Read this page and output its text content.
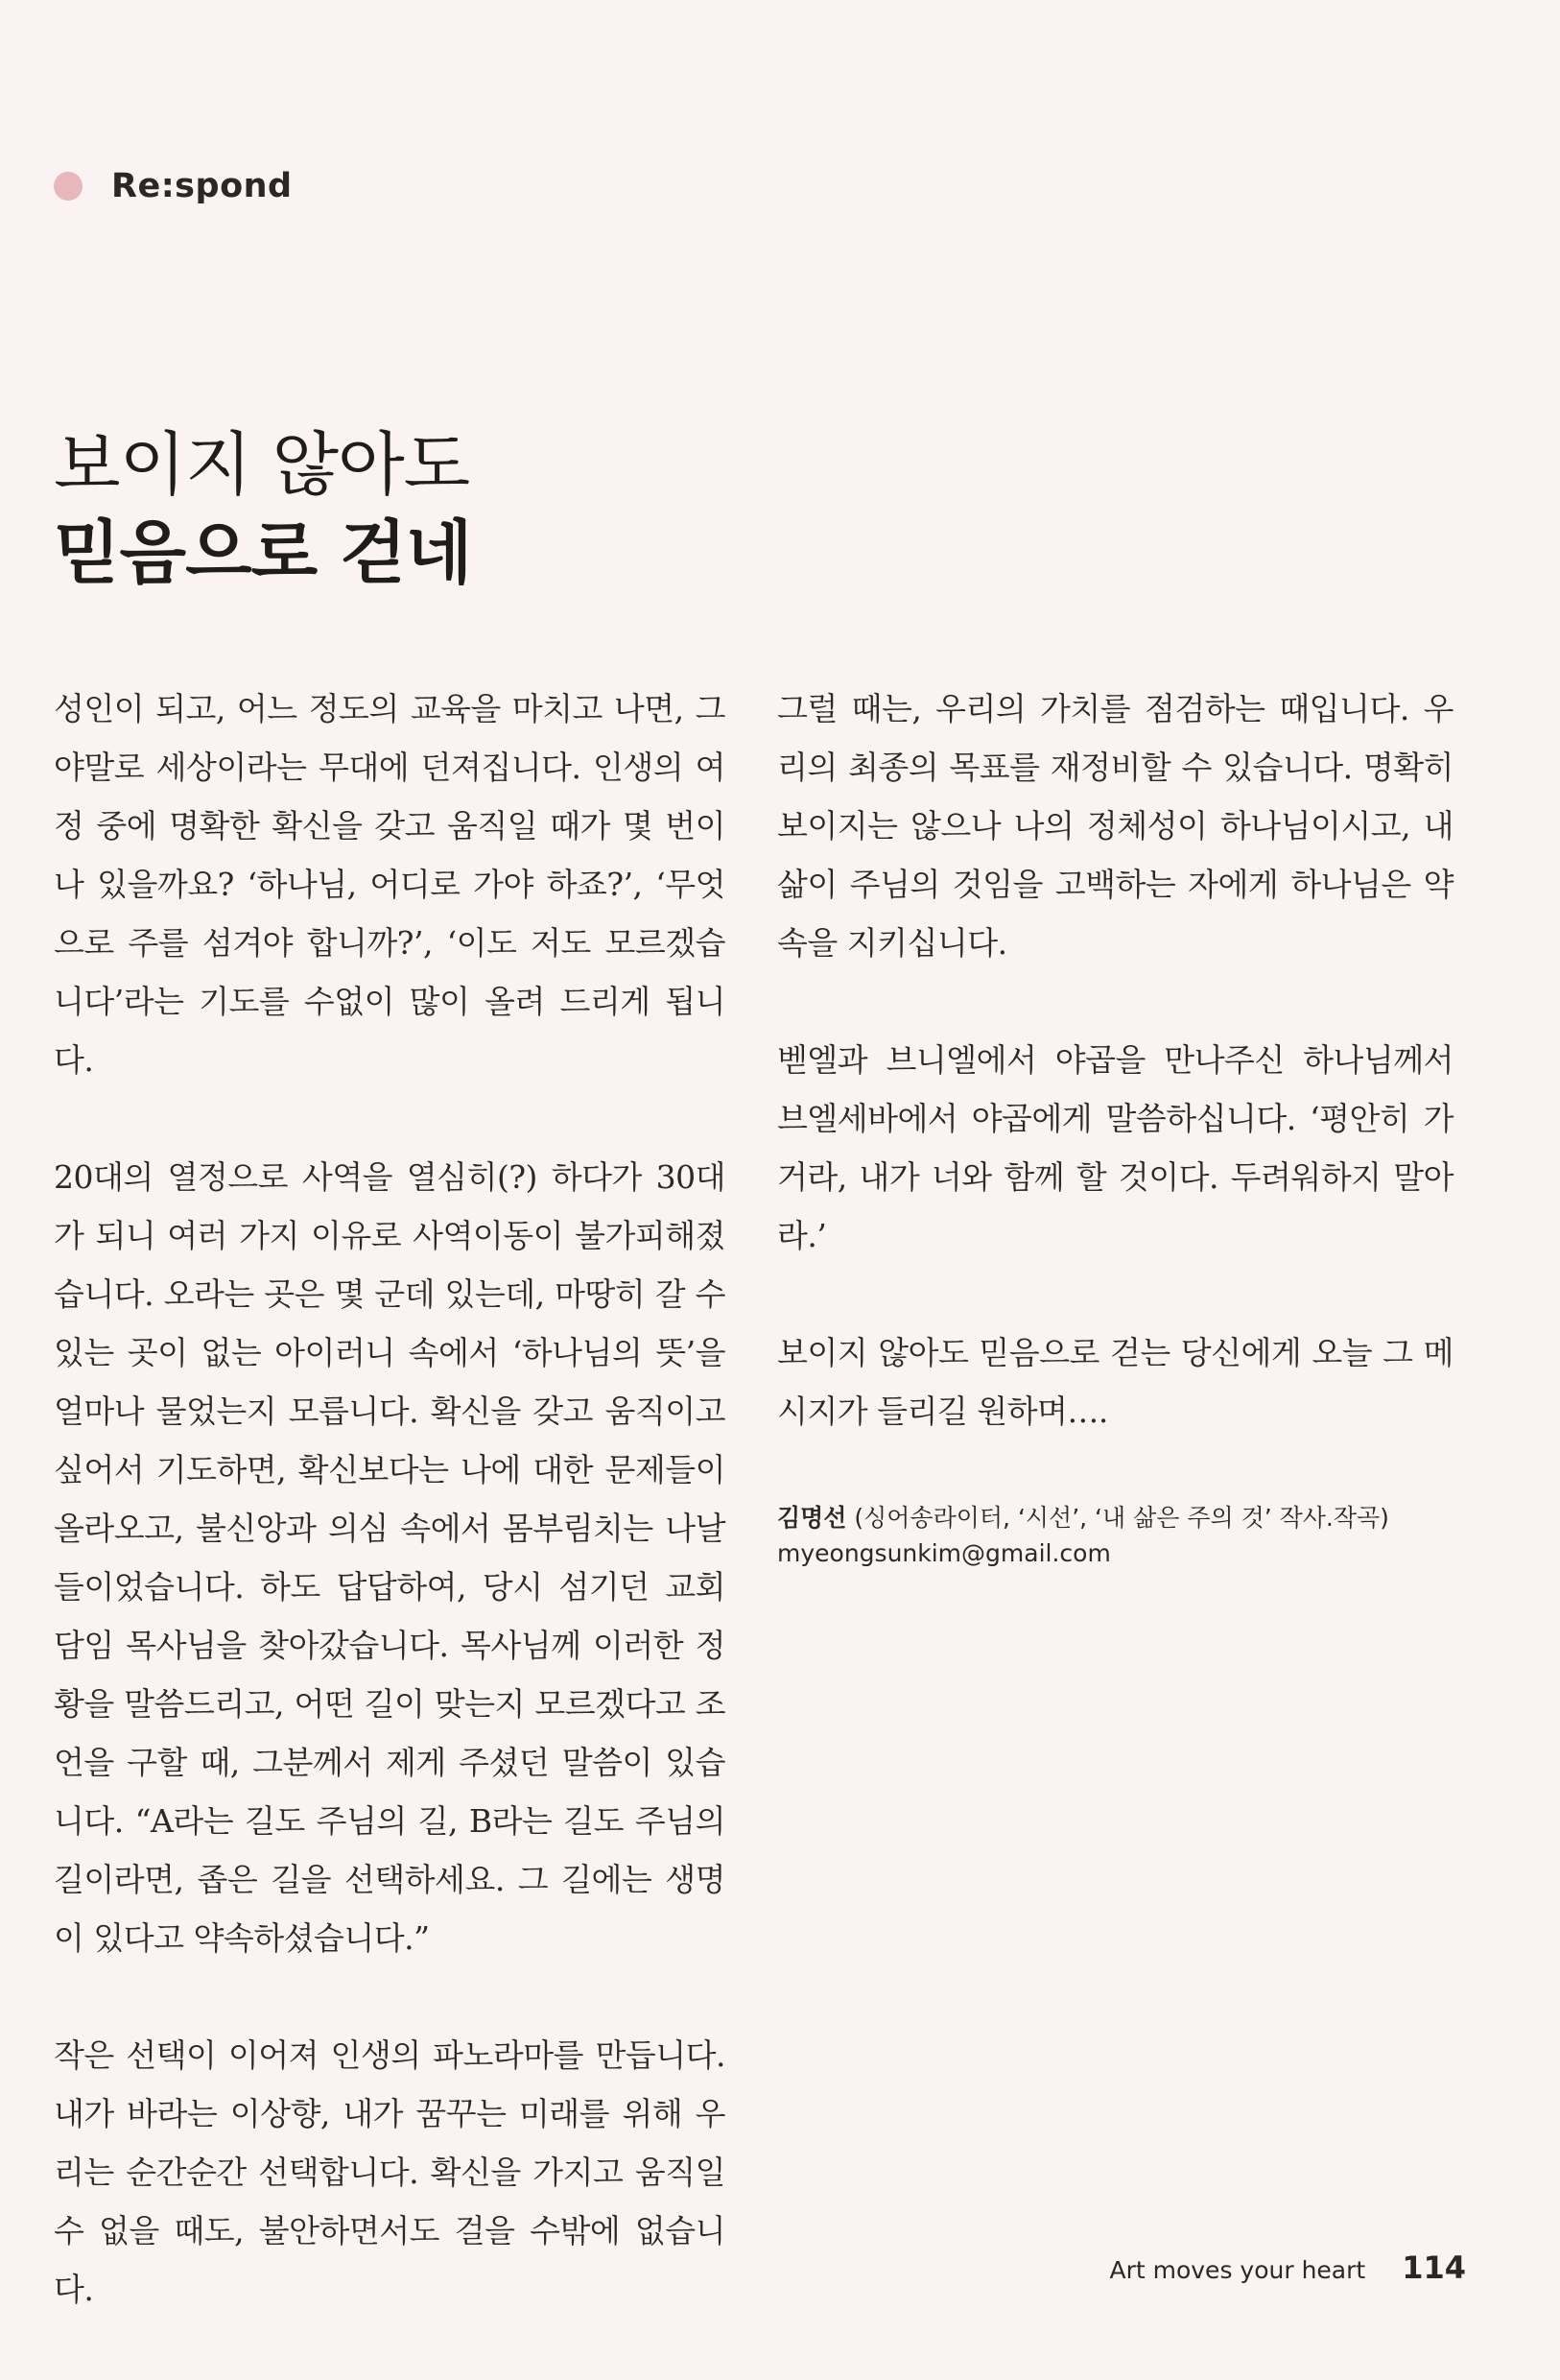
Re:spond
보이지 않아도
믿음으로 걷네

성인이 되고, 어느 정도의 교육을 마치고 나면, 그야말로 세상이라는 무대에 던져집니다. 인생의 여정 중에 명확한 확신을 갖고 움직일 때가 몇 번이나 있을까요? ‘하나님, 어디로 가야 하죠?’, ‘무엇으로 주를 섬겨야 합니까?’, ‘이도 저도 모르겠습니다’라는 기도를 수없이 많이 올려 드리게 됩니다.

20대의 열정으로 사역을 열심히(?) 하다가 30대가 되니 여러 가지 이유로 사역이동이 불가피해졌습니다. 오라는 곳은 몇 군데 있는데, 마땅히 갈 수 있는 곳이 없는 아이러니 속에서 ‘하나님의 뜻’을 얼마나 물었는지 모릅니다. 확신을 갖고 움직이고 싶어서 기도하면, 확신보다는 나에 대한 문제들이 올라오고, 불신앙과 의심 속에서 몸부림치는 나날들이었습니다. 하도 답답하여, 당시 섬기던 교회 담임 목사님을 찾아갔습니다. 목사님께 이러한 정황을 말씀드리고, 어떤 길이 맞는지 모르겠다고 조언을 구할 때, 그분께서 제게 주셨던 말씀이 있습니다. “A라는 길도 주님의 길, B라는 길도 주님의 길이라면, 좁은 길을 선택하세요. 그 길에는 생명이 있다고 약속하셨습니다.”

작은 선택이 이어져 인생의 파노라마를 만듭니다. 내가 바라는 이상향, 내가 꿈꾸는 미래를 위해 우리는 순간순간 선택합니다. 확신을 가지고 움직일 수 없을 때도, 불안하면서도 걸을 수밖에 없습니다.

그럴 때는, 우리의 가치를 점검하는 때입니다. 우리의 최종의 목표를 재정비할 수 있습니다. 명확히 보이지는 않으나 나의 정체성이 하나님이시고, 내 삶이 주님의 것임을 고백하는 자에게 하나님은 약속을 지키십니다.

벧엘과 브니엘에서 야곱을 만나주신 하나님께서 브엘세바에서 야곱에게 말씀하십니다. ‘평안히 가거라, 내가 너와 함께 할 것이다. 두려워하지 말아라.’

보이지 않아도 믿음으로 걷는 당신에게 오늘 그 메시지가 들리길 원하며….

김명선 (싱어송라이터, ‘시선’, ‘내 삶은 주의 것’ 작사.작곡)
myeongsunkim@gmail.com
Art moves your heart 114
